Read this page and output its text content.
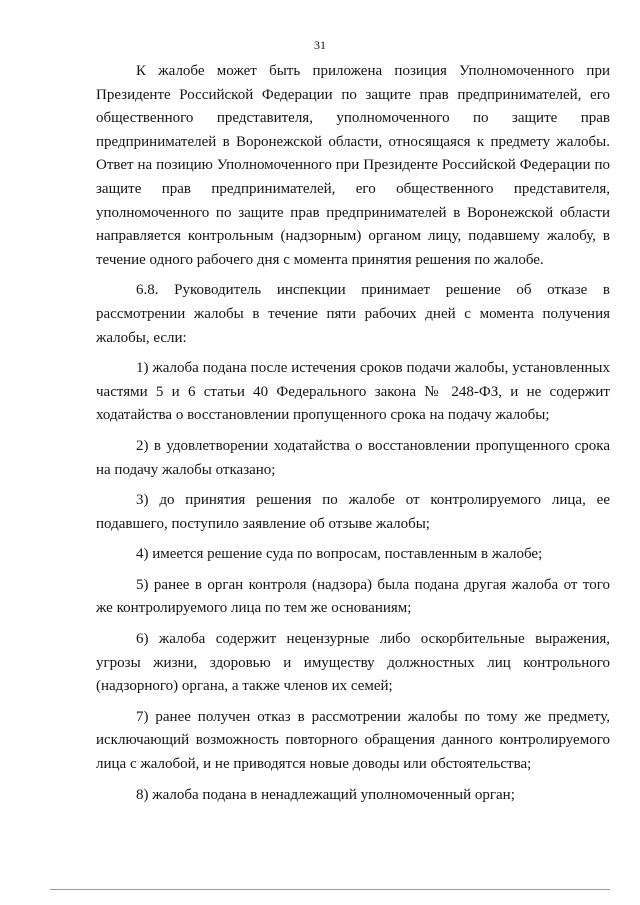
31

К жалобе может быть приложена позиция Уполномоченного при Президенте Российской Федерации по защите прав предпринимателей, его общественного представителя, уполномоченного по защите прав предпринимателей в Воронежской области, относящаяся к предмету жалобы. Ответ на позицию Уполномоченного при Президенте Российской Федерации по защите прав предпринимателей, его общественного представителя, уполномоченного по защите прав предпринимателей в Воронежской области направляется контрольным (надзорным) органом лицу, подавшему жалобу, в течение одного рабочего дня с момента принятия решения по жалобе.

6.8. Руководитель инспекции принимает решение об отказе в рассмотрении жалобы в течение пяти рабочих дней с момента получения жалобы, если:

1) жалоба подана после истечения сроков подачи жалобы, установленных частями 5 и 6 статьи 40 Федерального закона № 248-ФЗ, и не содержит ходатайства о восстановлении пропущенного срока на подачу жалобы;

2) в удовлетворении ходатайства о восстановлении пропущенного срока на подачу жалобы отказано;

3) до принятия решения по жалобе от контролируемого лица, ее подавшего, поступило заявление об отзыве жалобы;

4) имеется решение суда по вопросам, поставленным в жалобе;

5) ранее в орган контроля (надзора) была подана другая жалоба от того же контролируемого лица по тем же основаниям;

6) жалоба содержит нецензурные либо оскорбительные выражения, угрозы жизни, здоровью и имуществу должностных лиц контрольного (надзорного) органа, а также членов их семей;

7) ранее получен отказ в рассмотрении жалобы по тому же предмету, исключающий возможность повторного обращения данного контролируемого лица с жалобой, и не приводятся новые доводы или обстоятельства;

8) жалоба подана в ненадлежащий уполномоченный орган;
